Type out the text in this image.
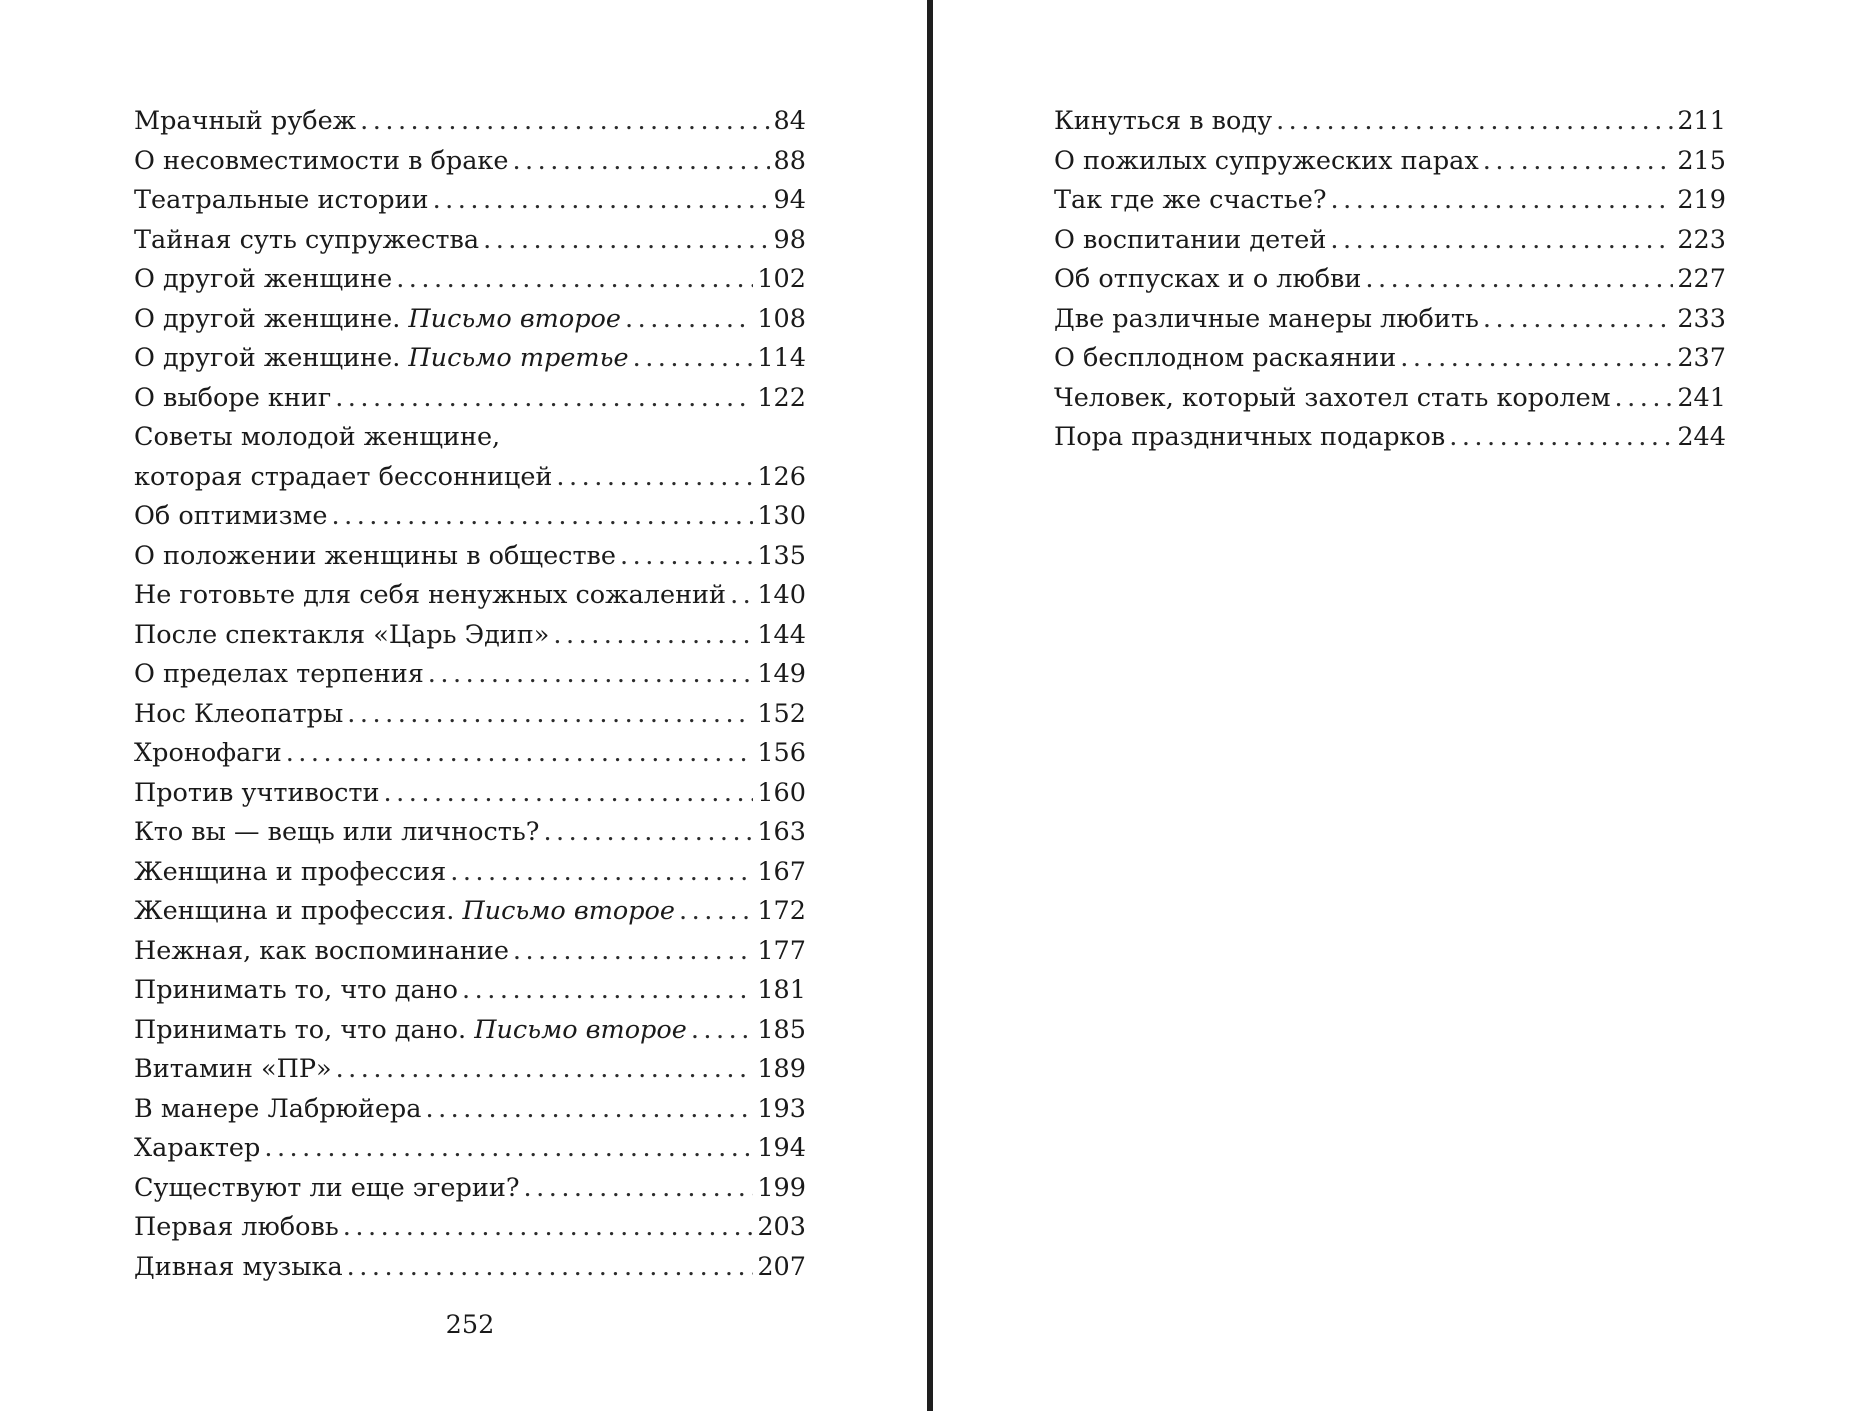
Мрачный рубеж .....	84
О несовместимости в браке .....	88
Театральные истории .....	94
Тайная суть супружества .....	98
О другой женщине .....	102
О другой женщине. Письмо второе .....	108
О другой женщине. Письмо третье .....	114
О выборе книг .....	122
Советы молодой женщине,
которая страдает бессонницей .....	126
Об оптимизме .....	130
О положении женщины в обществе .....	135
Не готовьте для себя ненужных сожалений ..... 140
После спектакля «Царь Эдип» .....	144
О пределах терпения .....	149
Нос Клеопатры .....	152
Хронофаги .....	156
Против учтивости .....	160
Кто вы — вещь или личность? .....	163
Женщина и профессия .....	167
Женщина и профессия. Письмо второе .....	172
Нежная, как воспоминание .....	177
Принимать то, что дано .....	181
Принимать то, что дано. Письмо второе .....	185
Витамин «ПР» .....	189
В манере Лабрюйера .....	193
Характер .....	194
Существуют ли еще эгерии? .....	199
Первая любовь .....	203
Дивная музыка .....	207
Кинуться в воду .....	211
О пожилых супружеских парах .....	215
Так где же счастье? .....	219
О воспитании детей .....	223
Об отпусках и о любви .....	227
Две различные манеры любить .....	233
О бесплодном раскаянии .....	237
Человек, который захотел стать королем .....	241
Пора праздничных подарков .....	244
252
